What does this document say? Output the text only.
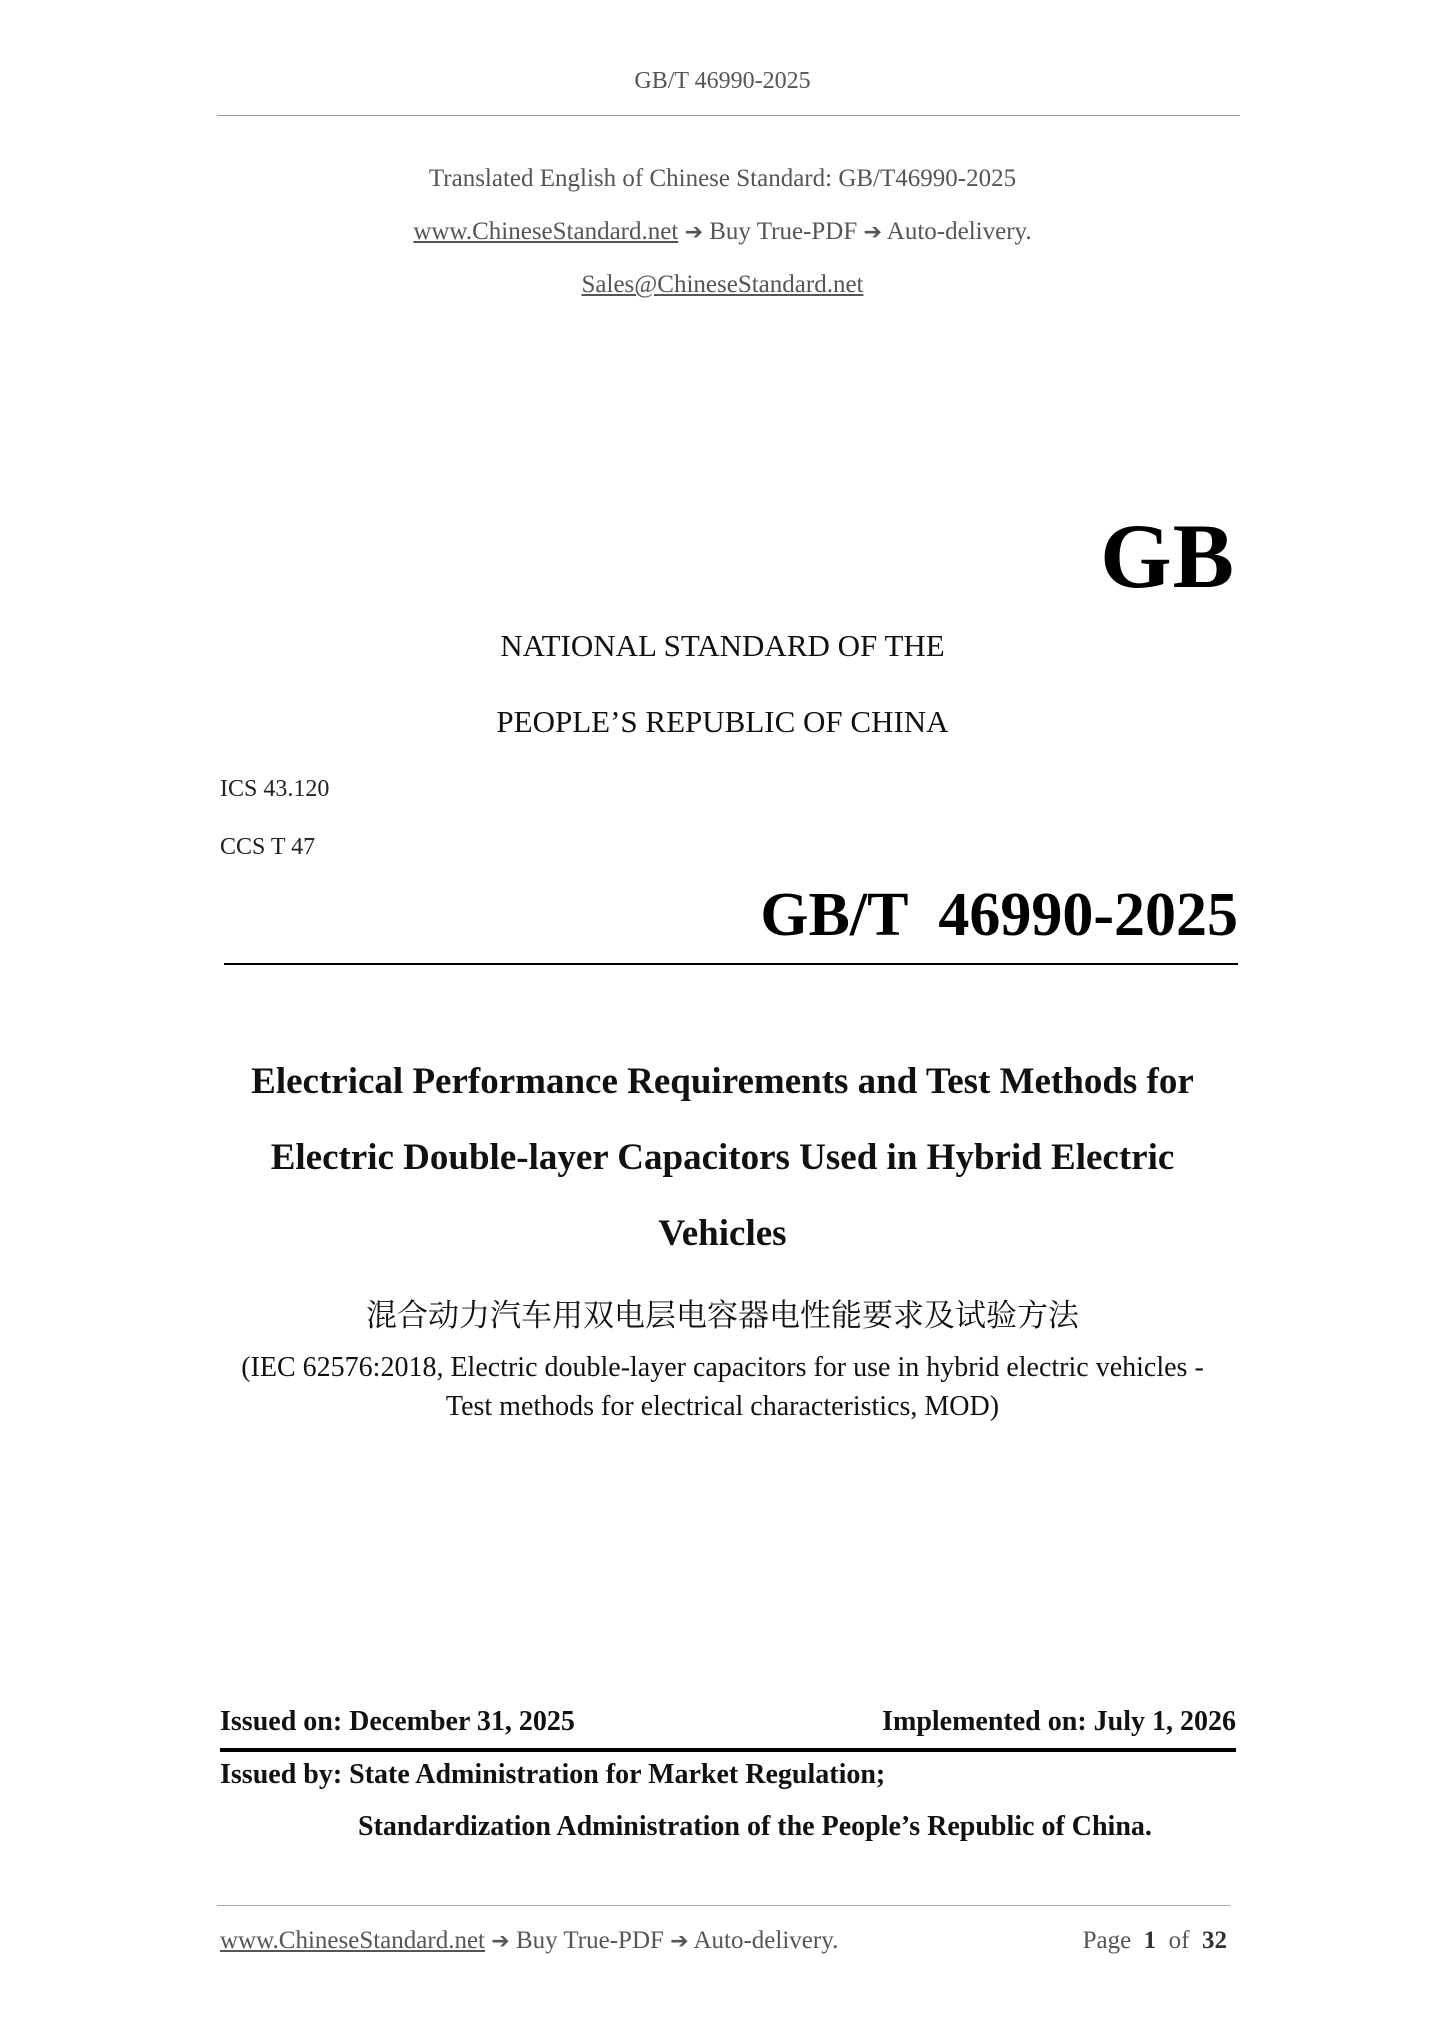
GB/T 46990-2025
Translated English of Chinese Standard: GB/T46990-2025
www.ChineseStandard.net ➔ Buy True-PDF ➔ Auto-delivery.
Sales@ChineseStandard.net
GB
NATIONAL STANDARD OF THE
PEOPLE’S REPUBLIC OF CHINA
ICS 43.120
CCS T 47
GB/T  46990-2025
Electrical Performance Requirements and Test Methods for
Electric Double-layer Capacitors Used in Hybrid Electric
Vehicles
混合动力汽车用双电层电容器电性能要求及试验方法
(IEC 62576:2018, Electric double-layer capacitors for use in hybrid electric vehicles -
Test methods for electrical characteristics, MOD)
Issued on: December 31, 2025	Implemented on: July 1, 2026
Issued by: State Administration for Market Regulation;
Standardization Administration of the People’s Republic of China.
www.ChineseStandard.net ➔ Buy True-PDF ➔ Auto-delivery.	Page 1 of 32
